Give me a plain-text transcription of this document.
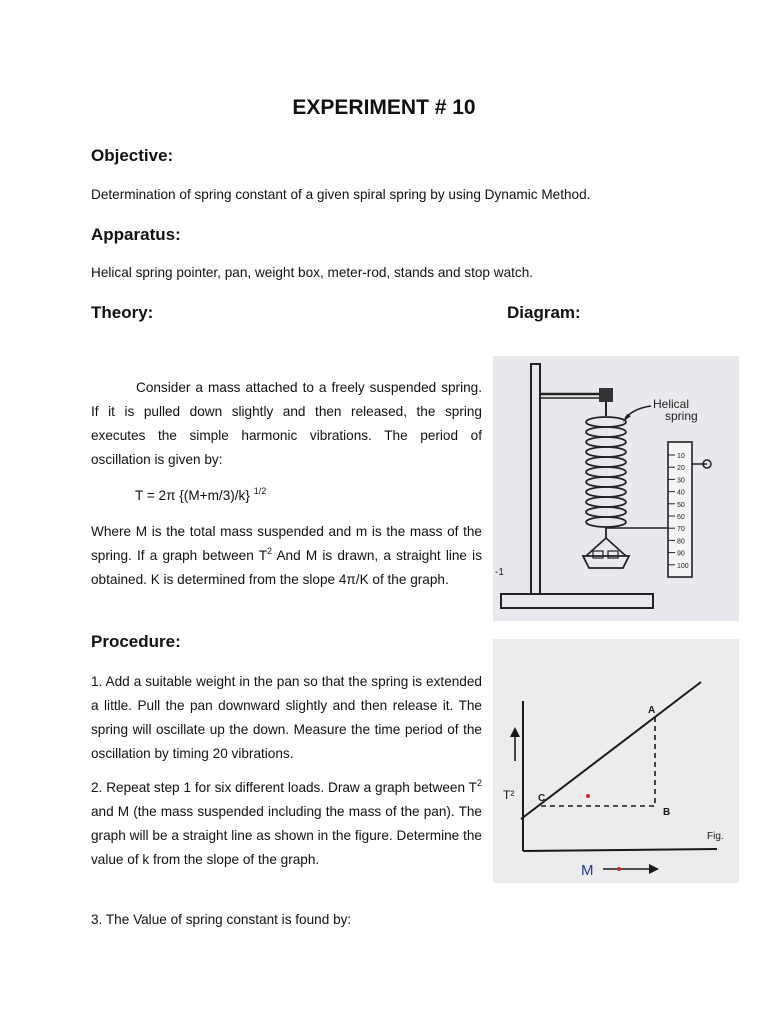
EXPERIMENT # 10
Objective:
Determination of spring constant of a given spiral spring by using Dynamic Method.
Apparatus:
Helical spring pointer, pan, weight box, meter-rod, stands and stop watch.
Theory:	Diagram:
Consider a mass attached to a freely suspended spring. If it is pulled down slightly and then released, the spring executes the simple harmonic vibrations. The period of oscillation is given by:
T = 2π {(M+m/3)/k} $^{1/2}$
Where M is the total mass suspended and m is the mass of the spring. If a graph between $T^2$ And M is drawn, a straight line is obtained. K is determined from the slope 4π/K of the graph.
Helical
spring
10
20
30
40
50
60
70
80
90
100
-1
Procedure:
1. Add a suitable weight in the pan so that the spring is extended a little. Pull the pan downward slightly and then release it. The spring will oscillate up the down. Measure the time period of the oscillation by timing 20 vibrations.
2. Repeat step 1 for six different loads. Draw a graph between $T^2$ and M (the mass suspended including the mass of the pan). The graph will be a straight line as shown in the figure. Determine the value of k from the slope of the graph.
3. The Value of spring constant is found by:
T²
A
B
C
Fig.
M
